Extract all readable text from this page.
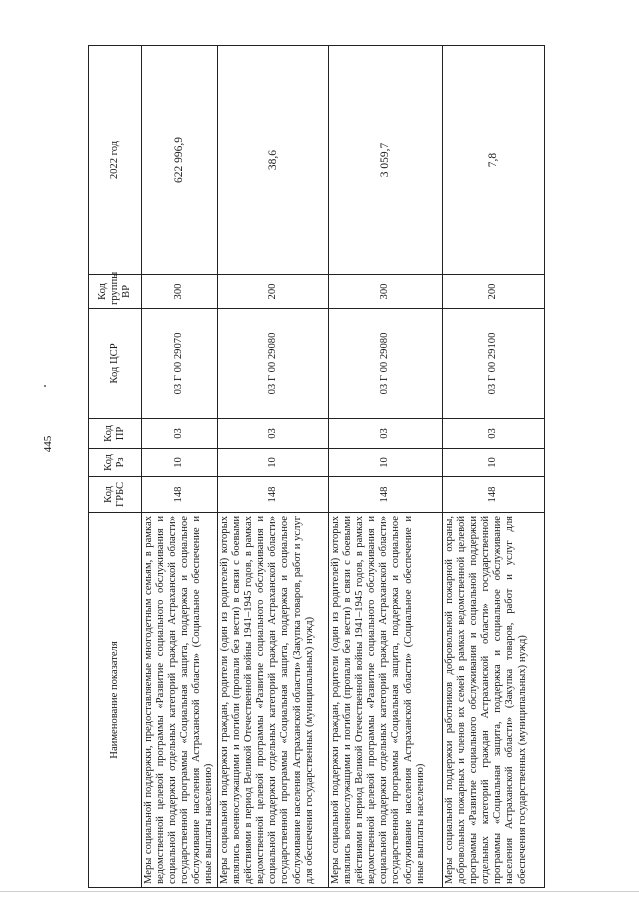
445
Наименование показателя	Код ГРБС	Код Рз	Код ПР	Код ЦСР	Код группы ВР	2022 год
Меры социальной поддержки, предоставляемые многодетным семьям, в рамках ведомственной целевой программы «Развитие социального обслуживания и социальной поддержки отдельных категорий граждан Астраханской области» государственной программы «Социальная защита, поддержка и социальное обслуживание населения Астраханской области» (Социальное обеспечение и иные выплаты населению)	148	10	03	03 Г 00 29070	300	622 996,9
Меры социальной поддержки граждан, родители (один из родителей) которых являлись военнослужащими и погибли (пропали без вести) в связи с боевыми действиями в период Великой Отечественной войны 1941–1945 годов, в рамках ведомственной целевой программы «Развитие социального обслуживания и социальной поддержки отдельных категорий граждан Астраханской области» государственной программы «Социальная защита, поддержка и социальное обслуживание населения Астраханской области» (Закупка товаров, работ и услуг для обеспечения государственных (муниципальных) нужд)	148	10	03	03 Г 00 29080	200	38,6
Меры социальной поддержки граждан, родители (один из родителей) которых являлись военнослужащими и погибли (пропали без вести) в связи с боевыми действиями в период Великой Отечественной войны 1941–1945 годов, в рамках ведомственной целевой программы «Развитие социального обслуживания и социальной поддержки отдельных категорий граждан Астраханской области» государственной программы «Социальная защита, поддержка и социальное обслуживание населения Астраханской области» (Социальное обеспечение и иные выплаты населению)	148	10	03	03 Г 00 29080	300	3 059,7
Меры социальной поддержки работников добровольной пожарной охраны, добровольных пожарных и членов их семей в рамках ведомственной целевой программы «Развитие социального обслуживания и социальной поддержки отдельных категорий граждан Астраханской области» государственной программы «Социальная защита, поддержка и социальное обслуживание населения Астраханской области» (Закупка товаров, работ и услуг для обеспечения государственных (муниципальных) нужд)	148	10	03	03 Г 00 29100	200	7,8
